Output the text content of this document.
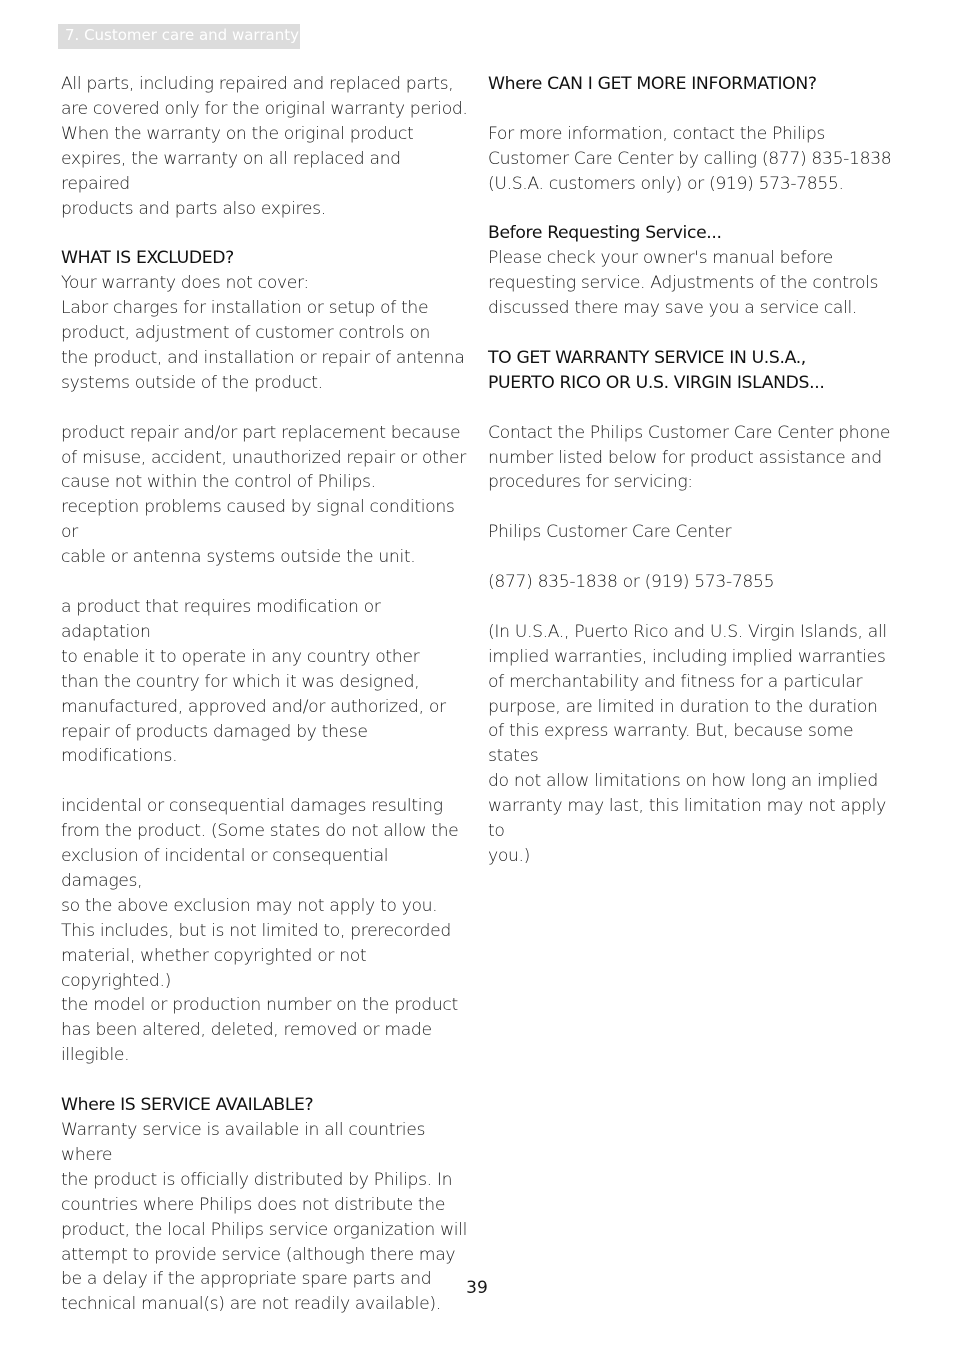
7. Customer care and warranty

All parts, including repaired and replaced parts,
are covered only for the original warranty period.
When the warranty on the original product
expires, the warranty on all replaced and repaired
products and parts also expires.

WHAT IS EXCLUDED?

Your warranty does not cover:
Labor charges for installation or setup of the
product, adjustment of customer controls on
the product, and installation or repair of antenna
systems outside of the product.

product repair and/or part replacement because
of misuse, accident, unauthorized repair or other
cause not within the control of Philips.
reception problems caused by signal conditions or
cable or antenna systems outside the unit.

a product that requires modification or adaptation
to enable it to operate in any country other
than the country for which it was designed,
manufactured, approved and/or authorized, or
repair of products damaged by these modifications.

incidental or consequential damages resulting
from the product. (Some states do not allow the
exclusion of incidental or consequential damages,
so the above exclusion may not apply to you.
This includes, but is not limited to, prerecorded
material, whether copyrighted or not copyrighted.)
the model or production number on the product
has been altered, deleted, removed or made
illegible.

Where IS SERVICE AVAILABLE?

Warranty service is available in all countries where
the product is officially distributed by Philips. In
countries where Philips does not distribute the
product, the local Philips service organization will
attempt to provide service (although there may
be a delay if the appropriate spare parts and
technical manual(s) are not readily available).

Where CAN I GET MORE INFORMATION?

For more information, contact the Philips
Customer Care Center by calling (877) 835-1838
(U.S.A. customers only) or (919) 573-7855.

Before Requesting Service...

Please check your owner's manual before
requesting service. Adjustments of the controls
discussed there may save you a service call.

TO GET WARRANTY SERVICE IN U.S.A.,
PUERTO RICO OR U.S. VIRGIN ISLANDS...

Contact the Philips Customer Care Center phone
number listed below for product assistance and
procedures for servicing:

Philips Customer Care Center

(877) 835-1838 or (919) 573-7855

(In U.S.A., Puerto Rico and U.S. Virgin Islands, all
implied warranties, including implied warranties
of merchantability and fitness for a particular
purpose, are limited in duration to the duration
of this express warranty. But, because some states
do not allow limitations on how long an implied
warranty may last, this limitation may not apply to
you.)

39
